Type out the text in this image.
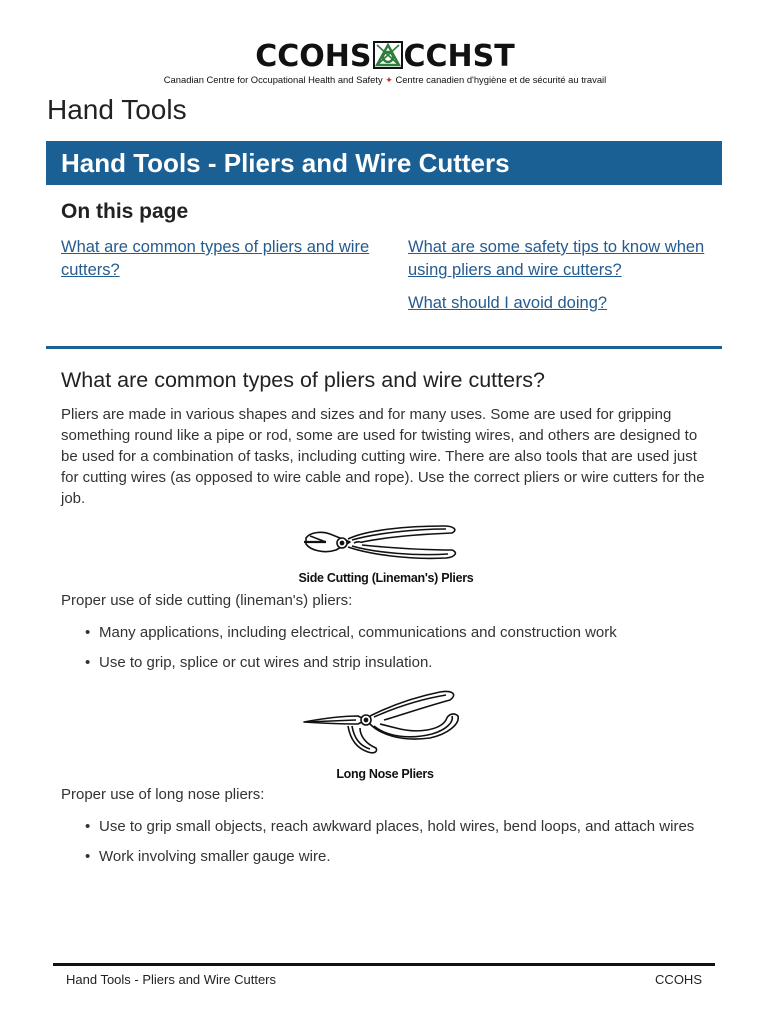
CCOHS CCHST
Canadian Centre for Occupational Health and Safety ✦ Centre canadien d'hygiène et de sécurité au travail
Hand Tools
Hand Tools - Pliers and Wire Cutters
On this page
What are common types of pliers and wire cutters?
What are some safety tips to know when using pliers and wire cutters?
What should I avoid doing?
What are common types of pliers and wire cutters?

Pliers are made in various shapes and sizes and for many uses. Some are used for gripping something round like a pipe or rod, some are used for twisting wires, and others are designed to be used for a combination of tasks, including cutting wire. There are also tools that are used just for cutting wires (as opposed to wire cable and rope). Use the correct pliers or wire cutters for the job.

Side Cutting (Lineman's) Pliers

Proper use of side cutting (lineman's) pliers:

• Many applications, including electrical, communications and construction work
• Use to grip, splice or cut wires and strip insulation.
Long Nose Pliers

Proper use of long nose pliers:

• Use to grip small objects, reach awkward places, hold wires, bend loops, and attach wires
• Work involving smaller gauge wire.
Hand Tools - Pliers and Wire Cutters	CCOHS
